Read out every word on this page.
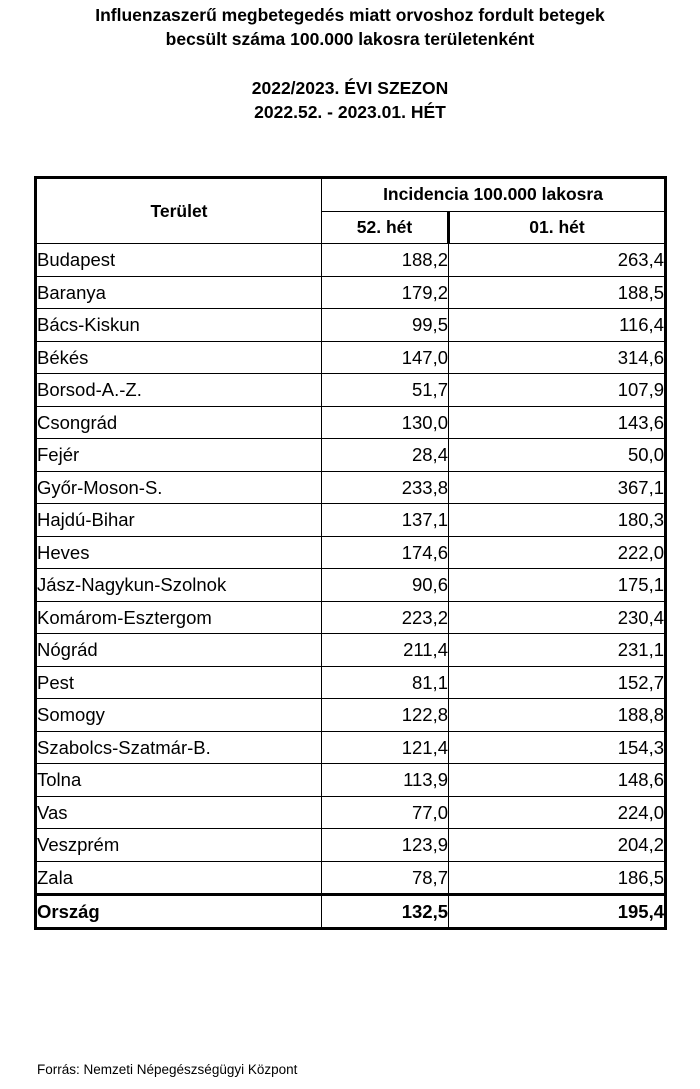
Influenzaszerű megbetegedés miatt orvoshoz fordult betegek
becsült száma 100.000 lakosra területenként
2022/2023. ÉVI SZEZON
2022.52. - 2023.01. HÉT
Terület	Incidencia 100.000 lakosra	
	52. hét	01. hét
Budapest	188,2	263,4
Baranya	179,2	188,5
Bács-Kiskun	99,5	116,4
Békés	147,0	314,6
Borsod-A.-Z.	51,7	107,9
Csongrád	130,0	143,6
Fejér	28,4	50,0
Győr-Moson-S.	233,8	367,1
Hajdú-Bihar	137,1	180,3
Heves	174,6	222,0
Jász-Nagykun-Szolnok	90,6	175,1
Komárom-Esztergom	223,2	230,4
Nógrád	211,4	231,1
Pest	81,1	152,7
Somogy	122,8	188,8
Szabolcs-Szatmár-B.	121,4	154,3
Tolna	113,9	148,6
Vas	77,0	224,0
Veszprém	123,9	204,2
Zala	78,7	186,5
Ország	132,5	195,4
Forrás: Nemzeti Népegészségügyi Központ
